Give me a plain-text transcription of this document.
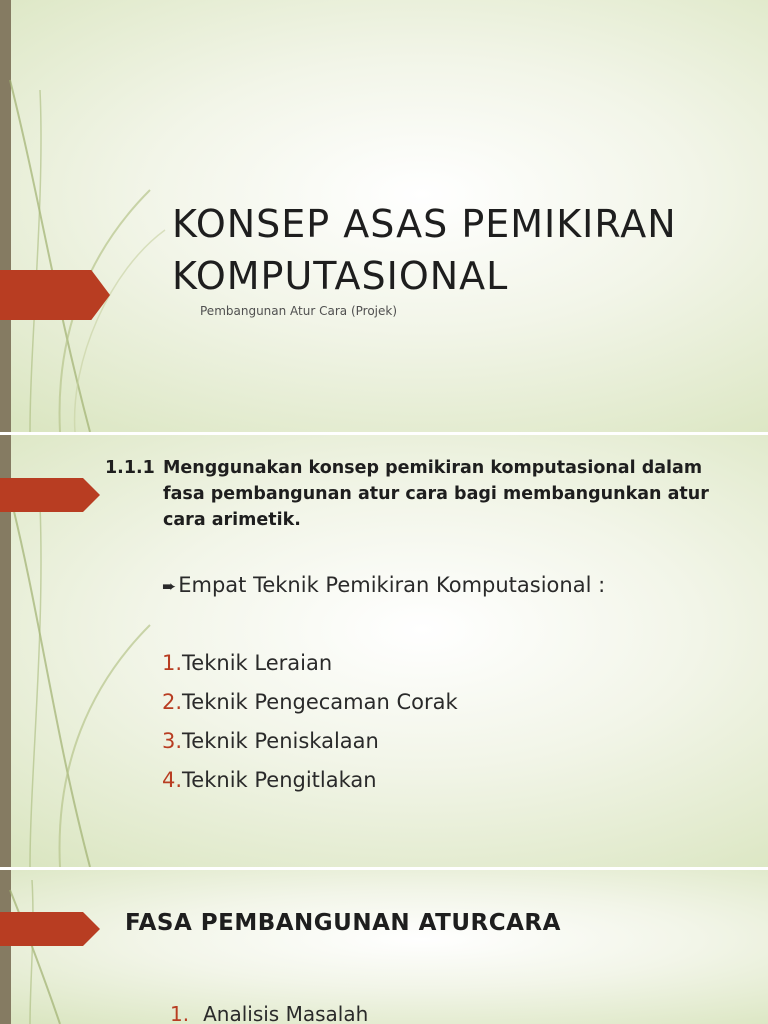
KONSEP ASAS PEMIKIRAN
KOMPUTASIONAL
Pembangunan Atur Cara (Projek)
1.1.1 Menggunakan konsep pemikiran komputasional dalam fasa pembangunan atur cara bagi membangunkan atur cara arimetik.
➨Empat Teknik Pemikiran Komputasional :
1.Teknik Leraian
2.Teknik Pengecaman Corak
3.Teknik Peniskalaan
4.Teknik Pengitlakan
FASA PEMBANGUNAN ATURCARA
1. Analisis Masalah
